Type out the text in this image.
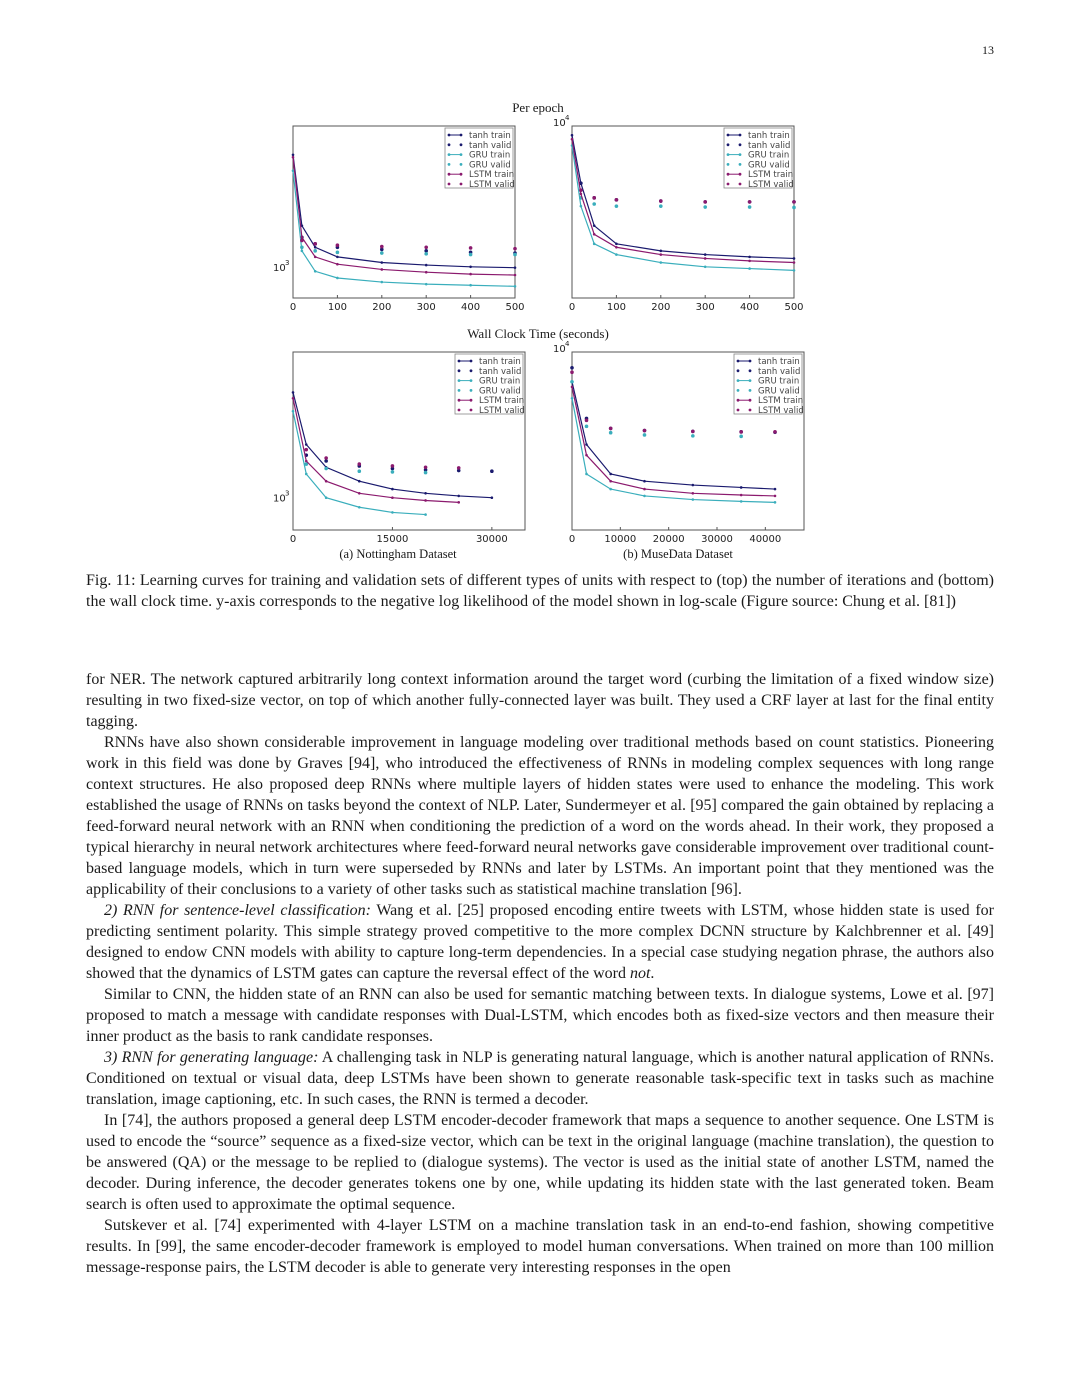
13
Per epoch
Wall Clock Time (seconds)
0	100	200	300	400	500
10 3
tanh train
tanh valid
GRU train
GRU valid
LSTM train
LSTM valid
0	100	200	300	400	500
10 4
tanh train
tanh valid
GRU train
GRU valid
LSTM train
LSTM valid
0	15000	30000
10 3
tanh train
tanh valid
GRU train
GRU valid
LSTM train
LSTM valid
0	10000 20000 30000 40000
10 4
tanh train
tanh valid
GRU train
GRU valid
LSTM train
LSTM valid
(a) Nottingham Dataset	(b) MuseData Dataset
Fig. 11: Learning curves for training and validation sets of different types of units with respect to (top) the number of iterations and (bottom) the wall clock time. y-axis corresponds to the negative log likelihood of the model shown in log-scale (Figure source: Chung et al. [81])

for NER. The network captured arbitrarily long context information around the target word (curbing the limitation of a fixed window size) resulting in two fixed-size vector, on top of which another fully-connected layer was built. They used a CRF layer at last for the final entity tagging.

RNNs have also shown considerable improvement in language modeling over traditional methods based on count statistics. Pioneering work in this field was done by Graves [94], who introduced the effectiveness of RNNs in modeling complex sequences with long range context structures. He also proposed deep RNNs where multiple layers of hidden states were used to enhance the modeling. This work established the usage of RNNs on tasks beyond the context of NLP. Later, Sundermeyer et al. [95] compared the gain obtained by replacing a feed-forward neural network with an RNN when conditioning the prediction of a word on the words ahead. In their work, they proposed a typical hierarchy in neural network architectures where feed-forward neural networks gave considerable improvement over traditional count-based language models, which in turn were superseded by RNNs and later by LSTMs. An important point that they mentioned was the applicability of their conclusions to a variety of other tasks such as statistical machine translation [96].

2) RNN for sentence-level classification: Wang et al. [25] proposed encoding entire tweets with LSTM, whose hidden state is used for predicting sentiment polarity. This simple strategy proved competitive to the more complex DCNN structure by Kalchbrenner et al. [49] designed to endow CNN models with ability to capture long-term dependencies. In a special case studying negation phrase, the authors also showed that the dynamics of LSTM gates can capture the reversal effect of the word not.

Similar to CNN, the hidden state of an RNN can also be used for semantic matching between texts. In dialogue systems, Lowe et al. [97] proposed to match a message with candidate responses with Dual-LSTM, which encodes both as fixed-size vectors and then measure their inner product as the basis to rank candidate responses.

3) RNN for generating language: A challenging task in NLP is generating natural language, which is another natural application of RNNs. Conditioned on textual or visual data, deep LSTMs have been shown to generate reasonable task-specific text in tasks such as machine translation, image captioning, etc. In such cases, the RNN is termed a decoder.

In [74], the authors proposed a general deep LSTM encoder-decoder framework that maps a sequence to another sequence. One LSTM is used to encode the “source” sequence as a fixed-size vector, which can be text in the original language (machine translation), the question to be answered (QA) or the message to be replied to (dialogue systems). The vector is used as the initial state of another LSTM, named the decoder. During inference, the decoder generates tokens one by one, while updating its hidden state with the last generated token. Beam search is often used to approximate the optimal sequence.

Sutskever et al. [74] experimented with 4-layer LSTM on a machine translation task in an end-to-end fashion, showing competitive results. In [99], the same encoder-decoder framework is employed to model human conversations. When trained on more than 100 million message-response pairs, the LSTM decoder is able to generate very interesting responses in the open
